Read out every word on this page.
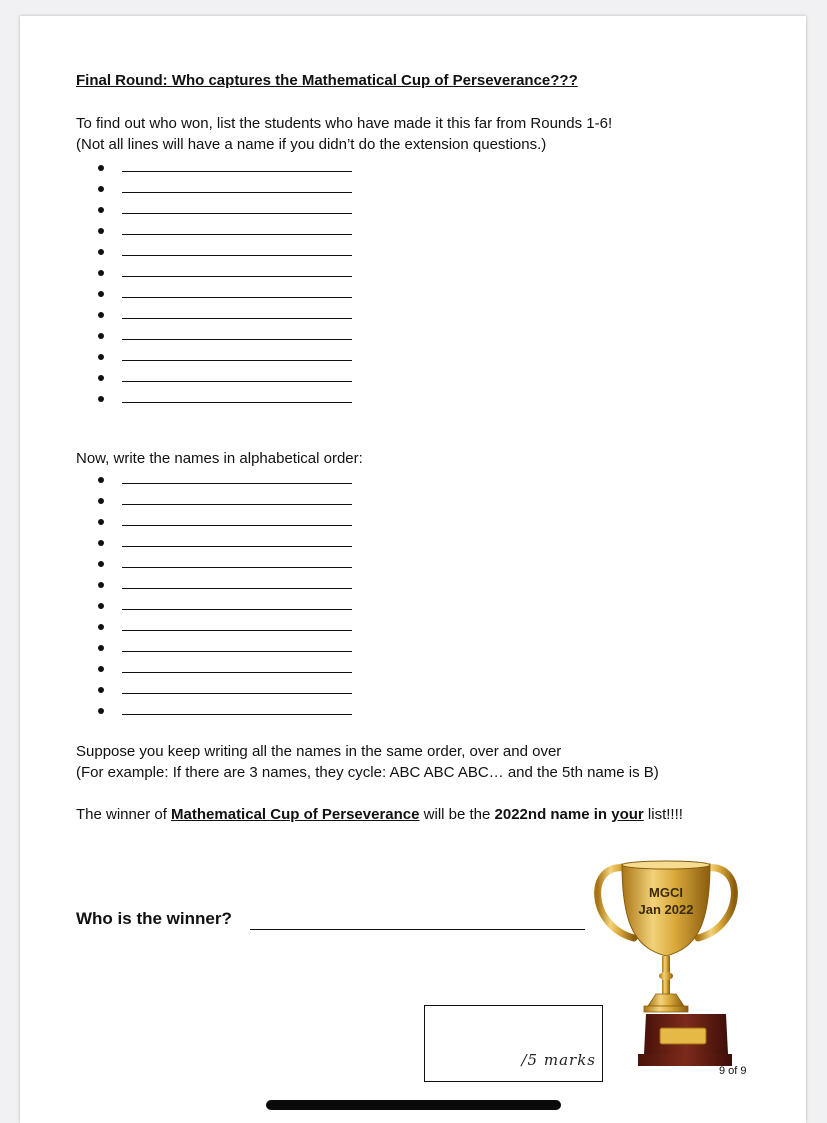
Final Round: Who captures the Mathematical Cup of Perseverance???
To find out who won, list the students who have made it this far from Rounds 1-6!
(Not all lines will have a name if you didn’t do the extension questions.)
Now, write the names in alphabetical order:
Suppose you keep writing all the names in the same order, over and over
(For example: If there are 3 names, they cycle: ABC ABC ABC… and the 5th name is B)
The winner of Mathematical Cup of Perseverance will be the 2022nd name in your list!!!!
Who is the winner?
/5 marks
MGCI
Jan 2022
9 of 9
